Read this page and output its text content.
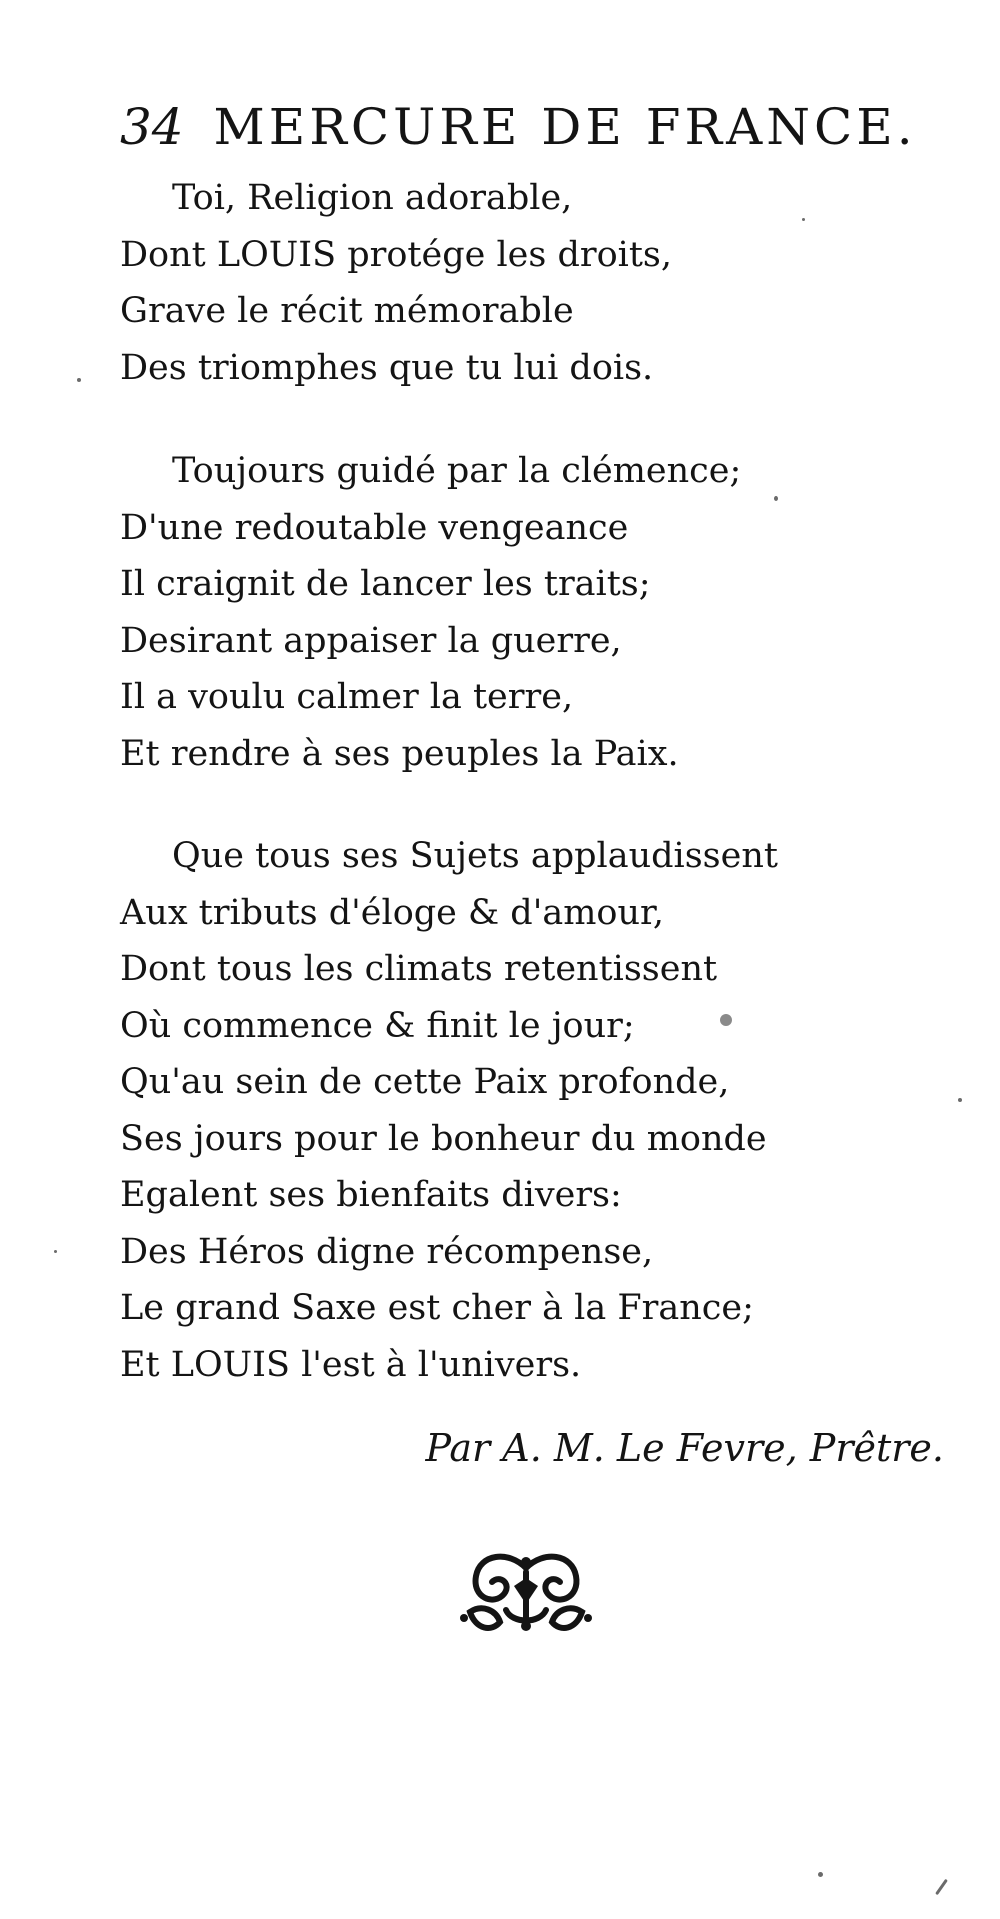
34 MERCURE DE FRANCE.
Toi, Religion adorable,
Dont LOUIS protége les droits,
Grave le récit mémorable
Des triomphes que tu lui dois.
Toujours guidé par la clémence;
D'une redoutable vengeance
Il craignit de lancer les traits;
Desirant appaiser la guerre,
Il a voulu calmer la terre,
Et rendre à ses peuples la Paix.
Que tous ses Sujets applaudissent
Aux tributs d'éloge & d'amour,
Dont tous les climats retentissent
Où commence & finit le jour;
Qu'au sein de cette Paix profonde,
Ses jours pour le bonheur du monde
Egalent ses bienfaits divers:
Des Héros digne récompense,
Le grand Saxe est cher à la France;
Et LOUIS l'est à l'univers.
Par A. M. Le Fevre, Prêtre.
